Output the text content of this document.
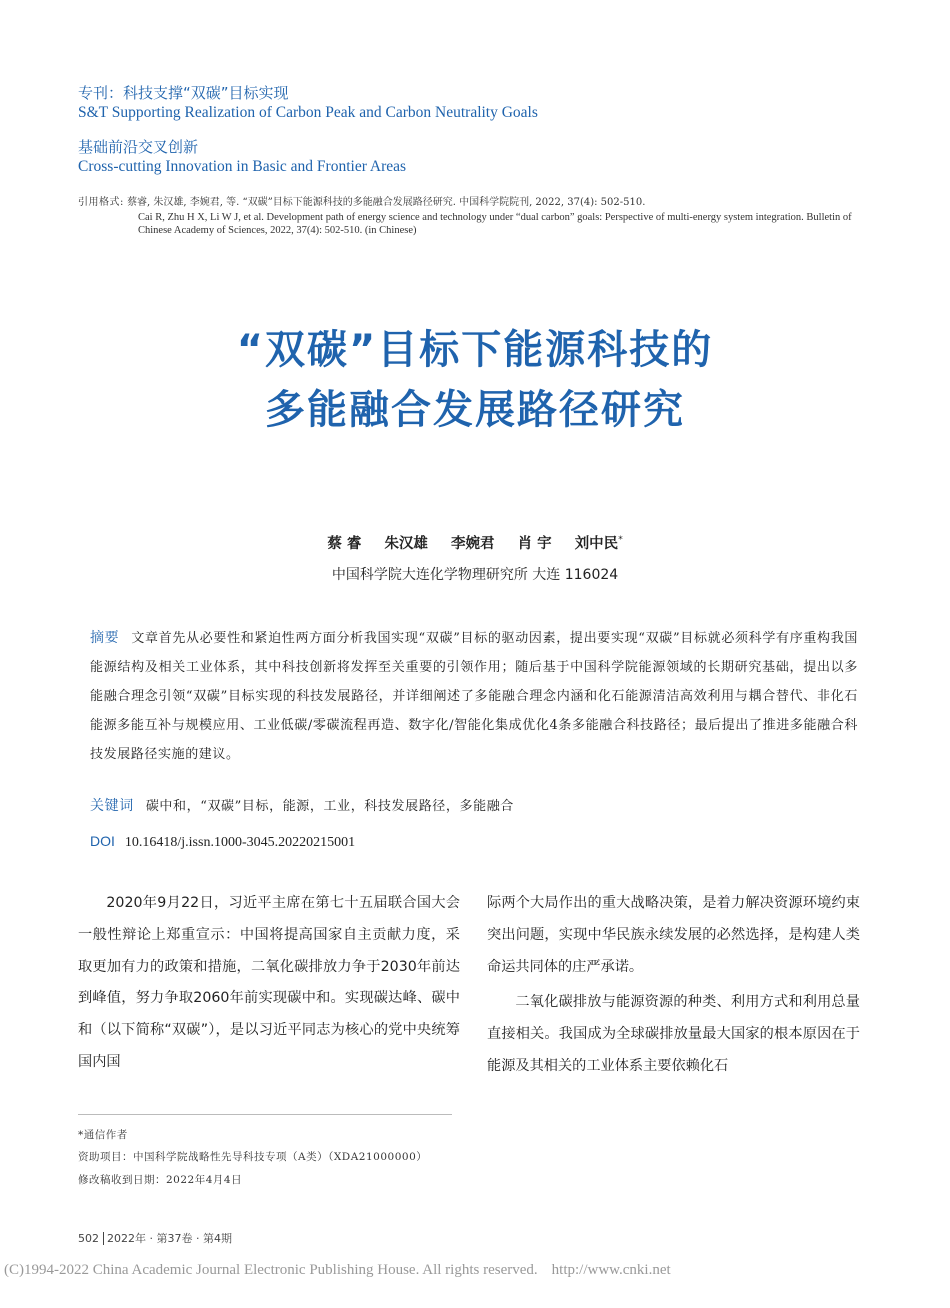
专刊：科技支撑“双碳”目标实现
S&T Supporting Realization of Carbon Peak and Carbon Neutrality Goals
基础前沿交叉创新
Cross-cutting Innovation in Basic and Frontier Areas
引用格式: 蔡睿, 朱汉雄, 李婉君, 等. “双碳”目标下能源科技的多能融合发展路径研究. 中国科学院院刊, 2022, 37(4): 502-510.
Cai R, Zhu H X, Li W J, et al. Development path of energy science and technology under “dual carbon” goals: Perspective of multi-energy system integration. Bulletin of Chinese Academy of Sciences, 2022, 37(4): 502-510. (in Chinese)
“双碳”目标下能源科技的
多能融合发展路径研究
蔡 睿 朱汉雄 李婉君 肖 宇 刘中民*
中国科学院大连化学物理研究所 大连 116024
摘要 文章首先从必要性和紧迫性两方面分析我国实现“双碳”目标的驱动因素，提出要实现“双碳”目标就必须科学有序重构我国能源结构及相关工业体系，其中科技创新将发挥至关重要的引领作用；随后基于中国科学院能源领域的长期研究基础，提出以多能融合理念引领“双碳”目标实现的科技发展路径，并详细阐述了多能融合理念内涵和化石能源清洁高效利用与耦合替代、非化石能源多能互补与规模应用、工业低碳/零碳流程再造、数字化/智能化集成优化4条多能融合科技路径；最后提出了推进多能融合科技发展路径实施的建议。
关键词 碳中和，“双碳”目标，能源，工业，科技发展路径，多能融合
DOI 10.16418/j.issn.1000-3045.20220215001

2020年9月22日，习近平主席在第七十五届联合国大会一般性辩论上郑重宣示：中国将提高国家自主贡献力度，采取更加有力的政策和措施，二氧化碳排放力争于2030年前达到峰值，努力争取2060年前实现碳中和。实现碳达峰、碳中和（以下简称“双碳”），是以习近平同志为核心的党中央统筹国内国

际两个大局作出的重大战略决策，是着力解决资源环境约束突出问题，实现中华民族永续发展的必然选择，是构建人类命运共同体的庄严承诺。

二氧化碳排放与能源资源的种类、利用方式和利用总量直接相关。我国成为全球碳排放量最大国家的根本原因在于能源及其相关的工业体系主要依赖化石

*通信作者
资助项目：中国科学院战略性先导科技专项（A类）（XDA21000000）
修改稿收到日期：2022年4月4日
502 2022年 · 第37卷 · 第4期
(C)1994-2022 China Academic Journal Electronic Publishing House. All rights reserved. http://www.cnki.net
